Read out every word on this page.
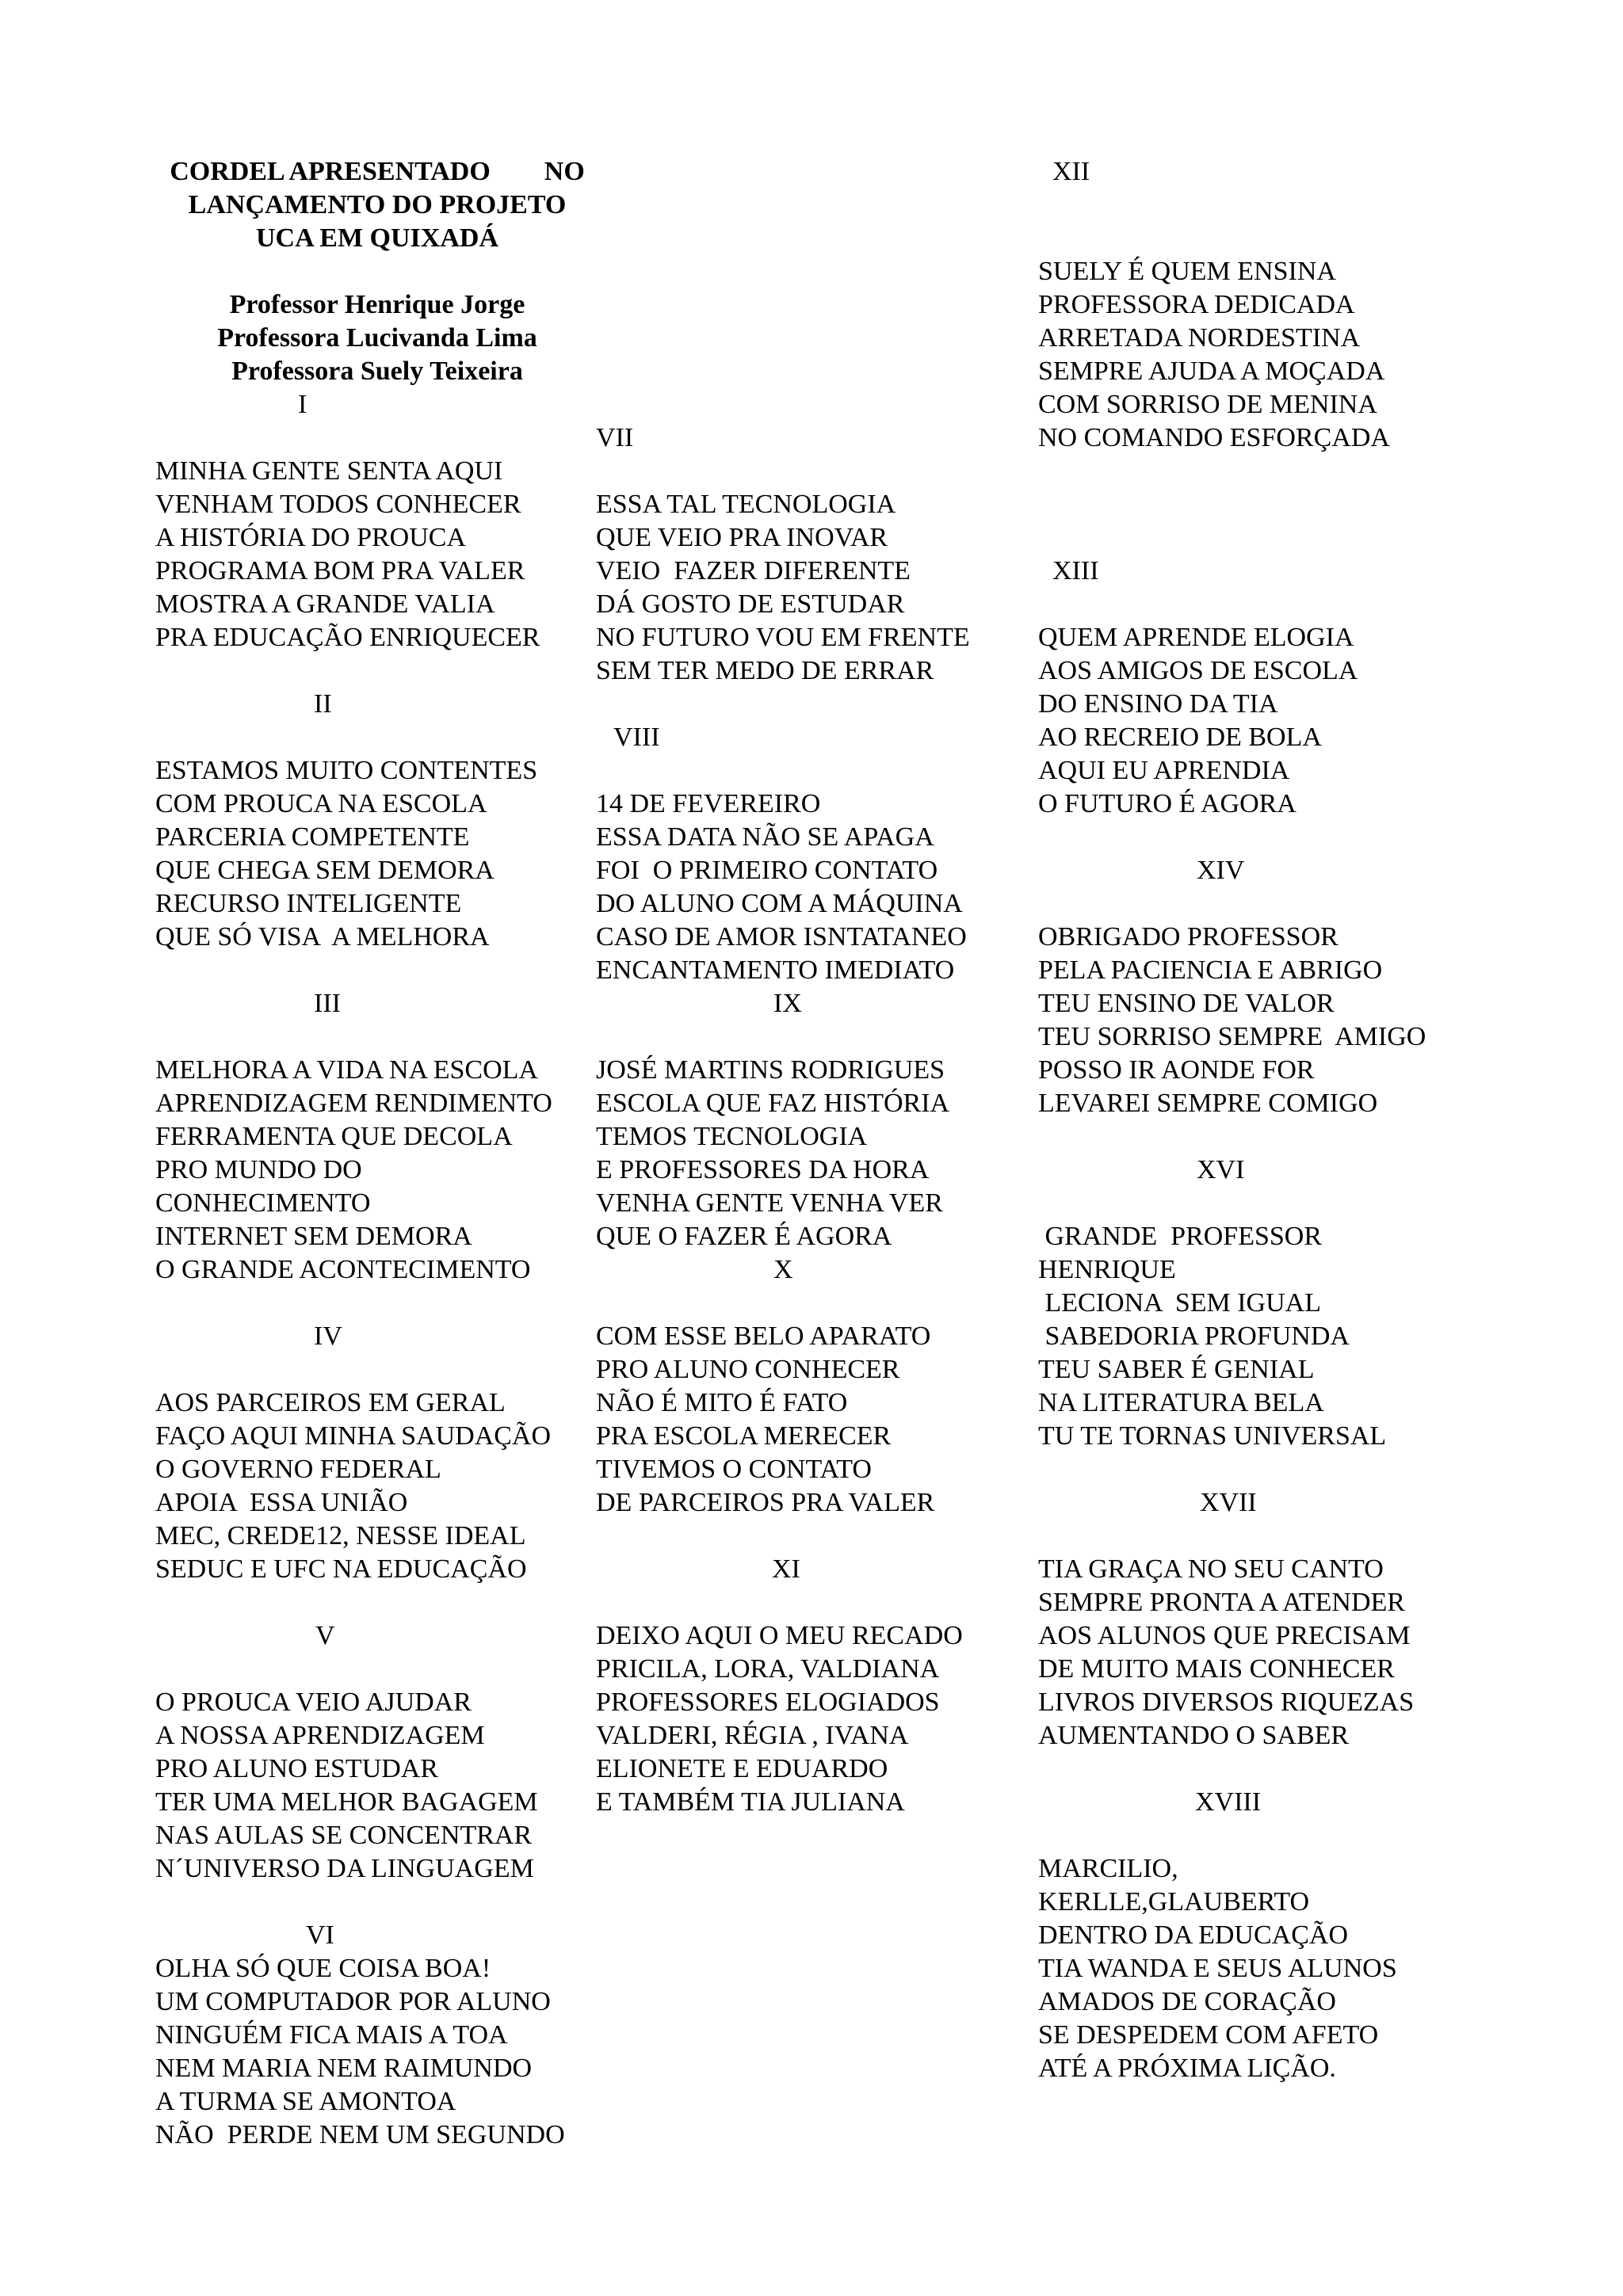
CORDEL APRESENTADO        NO
LANÇAMENTO DO PROJETO
UCA EM QUIXADÁ
Professor Henrique Jorge
Professora Lucivanda Lima
Professora Suely Teixeira
I
MINHA GENTE SENTA AQUI
VENHAM TODOS CONHECER
A HISTÓRIA DO PROUCA
PROGRAMA BOM PRA VALER
MOSTRA A GRANDE VALIA
PRA EDUCAÇÃO ENRIQUECER
II
ESTAMOS MUITO CONTENTES
COM PROUCA NA ESCOLA
PARCERIA COMPETENTE
QUE CHEGA SEM DEMORA
RECURSO INTELIGENTE
QUE SÓ VISA  A MELHORA
III
MELHORA A VIDA NA ESCOLA
APRENDIZAGEM RENDIMENTO
FERRAMENTA QUE DECOLA
PRO MUNDO DO
CONHECIMENTO
INTERNET SEM DEMORA
O GRANDE ACONTECIMENTO
IV
AOS PARCEIROS EM GERAL
FAÇO AQUI MINHA SAUDAÇÃO
O GOVERNO FEDERAL
APOIA  ESSA UNIÃO
MEC, CREDE12, NESSE IDEAL
SEDUC E UFC NA EDUCAÇÃO
V
O PROUCA VEIO AJUDAR
A NOSSA APRENDIZAGEM
PRO ALUNO ESTUDAR
TER UMA MELHOR BAGAGEM
NAS AULAS SE CONCENTRAR
N´UNIVERSO DA LINGUAGEM
VI
OLHA SÓ QUE COISA BOA!
UM COMPUTADOR POR ALUNO
NINGUÉM FICA MAIS A TOA
NEM MARIA NEM RAIMUNDO
A TURMA SE AMONTOA
NÃO  PERDE NEM UM SEGUNDO
VII
ESSA TAL TECNOLOGIA
QUE VEIO PRA INOVAR
VEIO  FAZER DIFERENTE
DÁ GOSTO DE ESTUDAR
NO FUTURO VOU EM FRENTE
SEM TER MEDO DE ERRAR
VIII
14 DE FEVEREIRO
ESSA DATA NÃO SE APAGA
FOI  O PRIMEIRO CONTATO
DO ALUNO COM A MÁQUINA
CASO DE AMOR ISNTATANEO
ENCANTAMENTO IMEDIATO
IX
JOSÉ MARTINS RODRIGUES
ESCOLA QUE FAZ HISTÓRIA
TEMOS TECNOLOGIA
E PROFESSORES DA HORA
VENHA GENTE VENHA VER
QUE O FAZER É AGORA
X
COM ESSE BELO APARATO
PRO ALUNO CONHECER
NÃO É MITO É FATO
PRA ESCOLA MERECER
TIVEMOS O CONTATO
DE PARCEIROS PRA VALER
XI
DEIXO AQUI O MEU RECADO
PRICILA, LORA, VALDIANA
PROFESSORES ELOGIADOS
VALDERI, RÉGIA , IVANA
ELIONETE E EDUARDO
E TAMBÉM TIA JULIANA
XII
SUELY É QUEM ENSINA
PROFESSORA DEDICADA
ARRETADA NORDESTINA
SEMPRE AJUDA A MOÇADA
COM SORRISO DE MENINA
NO COMANDO ESFORÇADA
XIII
QUEM APRENDE ELOGIA
AOS AMIGOS DE ESCOLA
DO ENSINO DA TIA
AO RECREIO DE BOLA
AQUI EU APRENDIA
O FUTURO É AGORA
XIV
OBRIGADO PROFESSOR
PELA PACIENCIA E ABRIGO
TEU ENSINO DE VALOR
TEU SORRISO SEMPRE  AMIGO
POSSO IR AONDE FOR
LEVAREI SEMPRE COMIGO
XVI
GRANDE  PROFESSOR
HENRIQUE
LECIONA  SEM IGUAL
SABEDORIA PROFUNDA
TEU SABER É GENIAL
NA LITERATURA BELA
TU TE TORNAS UNIVERSAL
XVII
TIA GRAÇA NO SEU CANTO
SEMPRE PRONTA A ATENDER
AOS ALUNOS QUE PRECISAM
DE MUITO MAIS CONHECER
LIVROS DIVERSOS RIQUEZAS
AUMENTANDO O SABER
XVIII
MARCILIO,
KERLLE,GLAUBERTO
DENTRO DA EDUCAÇÃO
TIA WANDA E SEUS ALUNOS
AMADOS DE CORAÇÃO
SE DESPEDEM COM AFETO
ATÉ A PRÓXIMA LIÇÃO.
